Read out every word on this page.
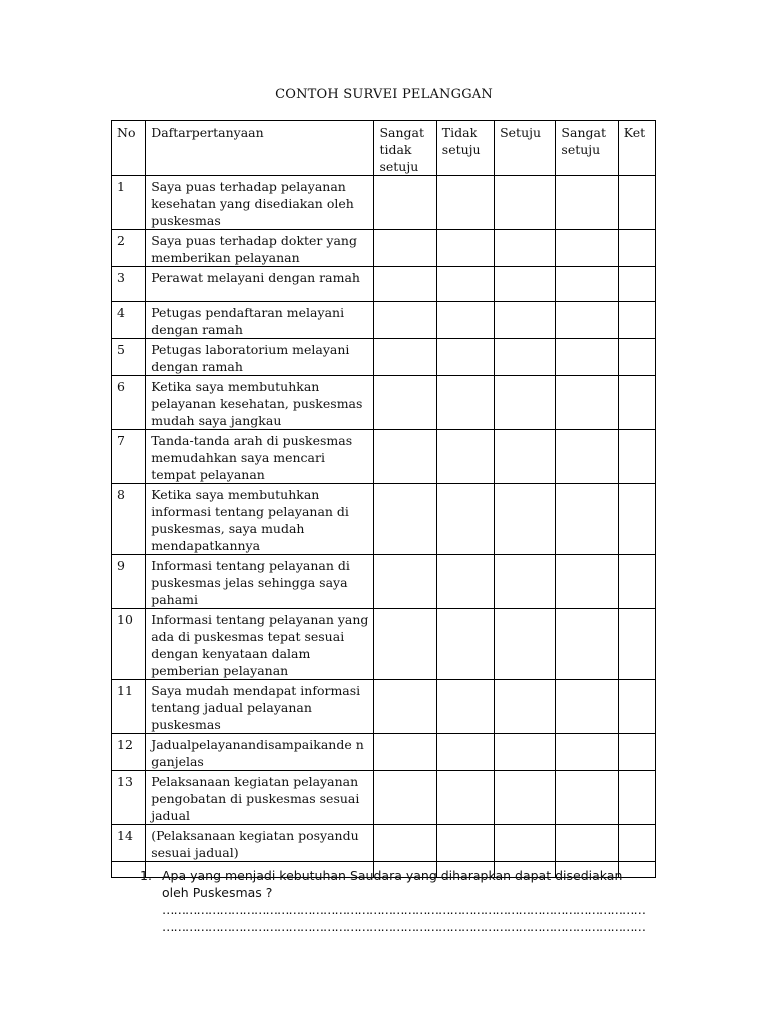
CONTOH SURVEI PELANGGAN
No	Daftarpertanyaan	Sangat tidak setuju	Tidak setuju	Setuju	Sangat setuju	Ket
1	Saya puas terhadap pelayanan kesehatan yang disediakan oleh puskesmas					
2	Saya puas terhadap dokter yang memberikan pelayanan					
3	Perawat melayani dengan ramah					
4	Petugas pendaftaran melayani dengan ramah					
5	Petugas laboratorium melayani dengan ramah					
6	Ketika saya membutuhkan pelayanan kesehatan, puskesmas mudah saya jangkau					
7	Tanda-tanda arah di puskesmas memudahkan saya mencari tempat pelayanan					
8	Ketika saya membutuhkan informasi tentang pelayanan di puskesmas, saya mudah mendapatkannya					
9	Informasi tentang pelayanan di puskesmas jelas sehingga saya pahami					
10	Informasi tentang pelayanan yang ada di puskesmas tepat sesuai dengan kenyataan dalam pemberian pelayanan					
11	Saya mudah mendapat informasi tentang jadual pelayanan puskesmas					
12	Jadualpelayanandisampaikande nganjelas					
13	Pelaksanaan kegiatan pelayanan pengobatan di puskesmas sesuai jadual					
14	(Pelaksanaan kegiatan posyandu sesuai jadual)					

1. Apa yang menjadi kebutuhan Saudara yang diharapkan dapat disediakan oleh Puskesmas ?
………………………………………………………………………………………………………………
………………………………………………………………………………………………………………
